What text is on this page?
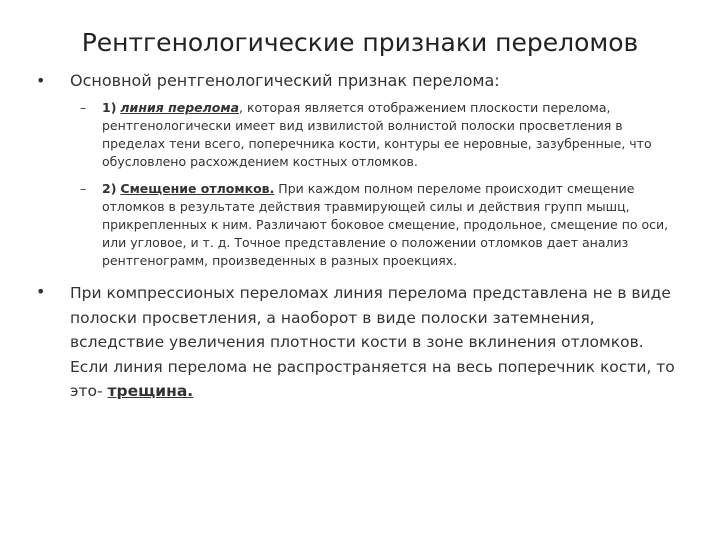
Рентгенологические признаки переломов
•	Основной рентгенологический признак перелома:
–	1) линия перелома, которая является отображением плоскости перелома, рентгенологически имеет вид извилистой волнистой полоски просветления в пределах тени всего, поперечника кости, контуры ее неровные, зазубренные, что обусловлено расхождением костных отломков.
–	2) Смещение отломков. При каждом полном переломе происходит смещение отломков в результате действия травмирующей силы и действия групп мышц, прикрепленных к ним. Различают боковое смещение, продольное, смещение по оси, или угловое, и т. д. Точное представление о положении отломков дает анализ рентгенограмм, произведенных в разных проекциях.
•	При компрессионых переломах линия перелома представлена не в виде полоски просветления, а наоборот в виде полоски затемнения, вследствие увеличения плотности кости в зоне вклинения отломков. Если линия перелома не распространяется на весь поперечник кости, то это- трещина.
